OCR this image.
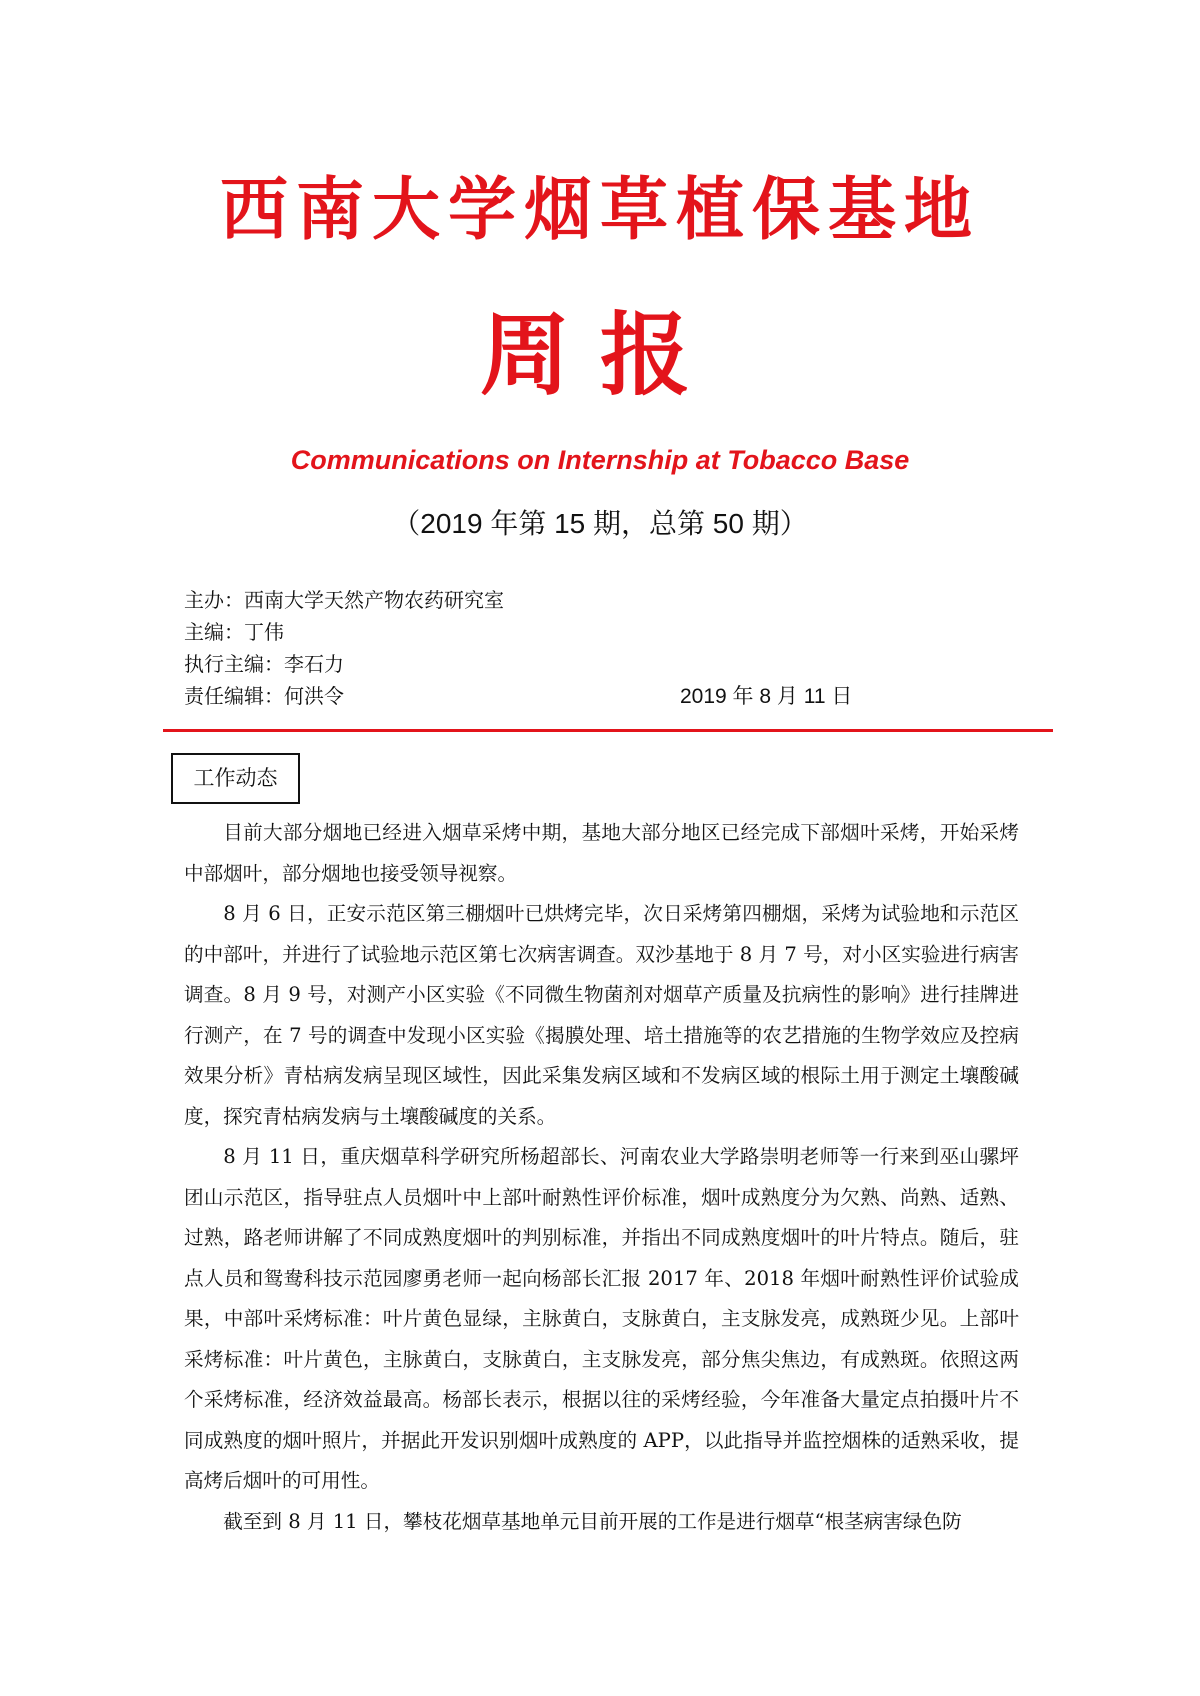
西南大学烟草植保基地
周报
Communications on Internship at Tobacco Base
（2019 年第 15 期，总第 50 期）
主办：西南大学天然产物农药研究室
主编：丁伟
执行主编：李石力
责任编辑：何洪令	2019 年 8 月 11 日
工作动态

目前大部分烟地已经进入烟草采烤中期，基地大部分地区已经完成下部烟叶采烤，开始采烤中部烟叶，部分烟地也接受领导视察。

8 月 6 日，正安示范区第三棚烟叶已烘烤完毕，次日采烤第四棚烟，采烤为试验地和示范区的中部叶，并进行了试验地示范区第七次病害调查。双沙基地于 8 月 7 号，对小区实验进行病害调查。8 月 9 号，对测产小区实验《不同微生物菌剂对烟草产质量及抗病性的影响》进行挂牌进行测产，在 7 号的调查中发现小区实验《揭膜处理、培土措施等的农艺措施的生物学效应及控病效果分析》青枯病发病呈现区域性，因此采集发病区域和不发病区域的根际土用于测定土壤酸碱度，探究青枯病发病与土壤酸碱度的关系。

8 月 11 日，重庆烟草科学研究所杨超部长、河南农业大学路崇明老师等一行来到巫山骡坪团山示范区，指导驻点人员烟叶中上部叶耐熟性评价标准，烟叶成熟度分为欠熟、尚熟、适熟、过熟，路老师讲解了不同成熟度烟叶的判别标准，并指出不同成熟度烟叶的叶片特点。随后，驻点人员和鸳鸯科技示范园廖勇老师一起向杨部长汇报 2017 年、2018 年烟叶耐熟性评价试验成果，中部叶采烤标准：叶片黄色显绿，主脉黄白，支脉黄白，主支脉发亮，成熟斑少见。上部叶采烤标准：叶片黄色，主脉黄白，支脉黄白，主支脉发亮，部分焦尖焦边，有成熟斑。依照这两个采烤标准，经济效益最高。杨部长表示，根据以往的采烤经验，今年准备大量定点拍摄叶片不同成熟度的烟叶照片，并据此开发识别烟叶成熟度的 APP，以此指导并监控烟株的适熟采收，提高烤后烟叶的可用性。

截至到 8 月 11 日，攀枝花烟草基地单元目前开展的工作是进行烟草“根茎病害绿色防
